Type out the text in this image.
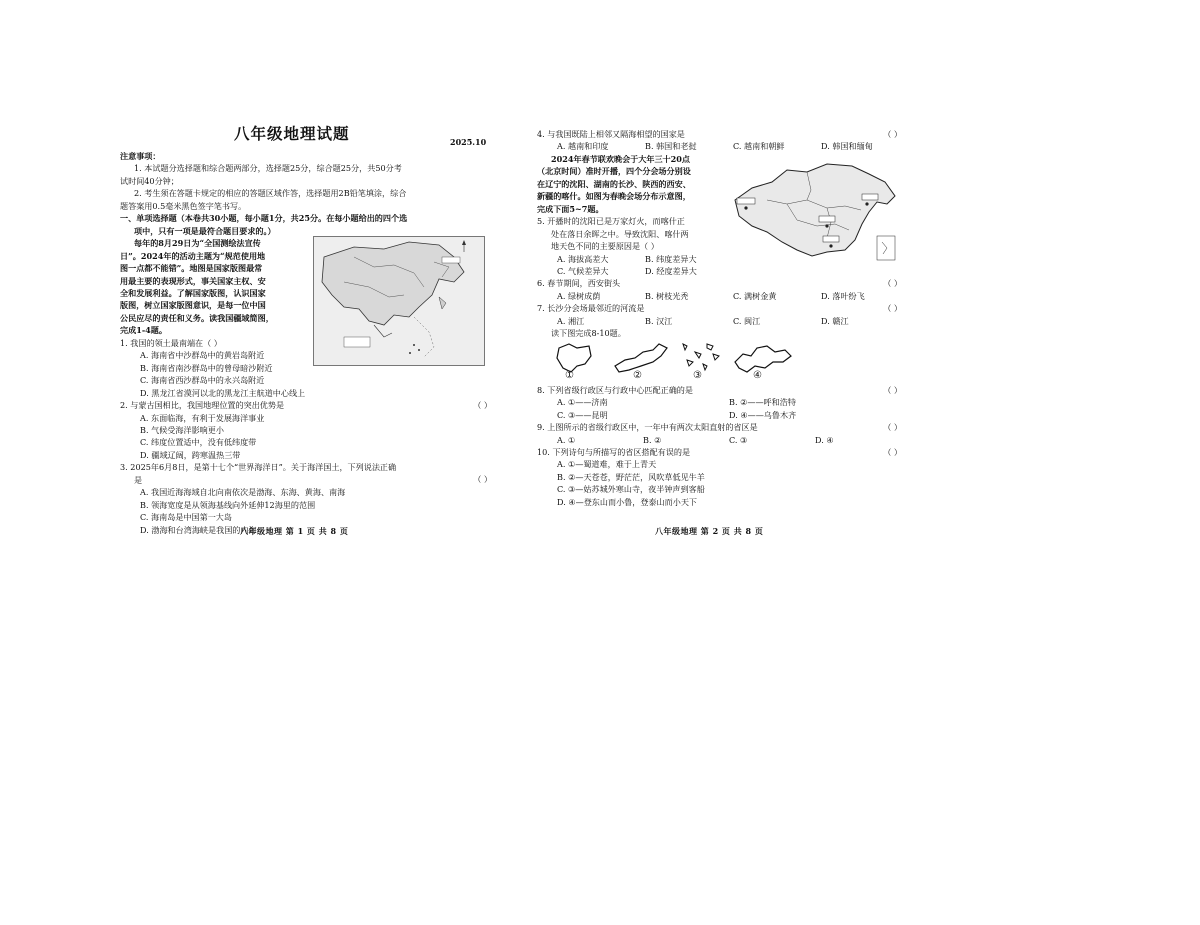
八年级地理试题	2025.10
注意事项：
1. 本试题分选择题和综合题两部分，选择题25分，综合题25分，共50分考
试时间40分钟；
2. 考生须在答题卡规定的相应的答题区域作答，选择题用2B铅笔填涂，综合
题答案用0.5毫米黑色签字笔书写。
一、单项选择题（本卷共30小题，每小题1分，共25分。在每小题给出的四个选
项中，只有一项是最符合题目要求的。）
每年的8月29日为“全国测绘法宣传
日”。2024年的活动主题为“规范使用地
图一点都不能错”。地图是国家版图最常
用最主要的表现形式，事关国家主权、安
全和发展利益。了解国家版图，认识国家
版图，树立国家版图意识，是每一位中国
公民应尽的责任和义务。读我国疆域简图，
完成1-4题。
1. 我国的领土最南端在（ ）
A. 海南省中沙群岛中的黄岩岛附近
B. 海南省南沙群岛中的曾母暗沙附近
C. 海南省西沙群岛中的永兴岛附近
D. 黑龙江省漠河以北的黑龙江主航道中心线上
2. 与蒙古国相比，我国地理位置的突出优势是	（ ）
A. 东面临海，有利于发展海洋事业
B. 气候受海洋影响更小
C. 纬度位置适中，没有低纬度带
D. 疆域辽阔，跨寒温热三带
3. 2025年6月8日，是第十七个“世界海洋日”。关于海洋国土，下列说法正确
是	（ ）
A. 我国近海海域自北向南依次是渤海、东海、黄海、南海
B. 领海宽度是从领海基线向外延伸12海里的范围
C. 海南岛是中国第一大岛
D. 渤海和台湾海峡是我国的内海
八年级地理 第 1 页 共 8 页
4. 与我国既陆上相邻又隔海相望的国家是	（ ）
A. 越南和印度	B. 韩国和老挝	C. 越南和朝鲜	D. 韩国和缅甸
2024年春节联欢晚会于大年三十20点
（北京时间）准时开播，四个分会场分别设
在辽宁的沈阳、湖南的长沙、陕西的西安、
新疆的喀什。如图为春晚会场分布示意图，
完成下面5~7题。
5. 开播时的沈阳已是万家灯火，而喀什正
处在落日余晖之中。导致沈阳、喀什两
地天色不同的主要原因是（ ）
A. 海拔高差大	B. 纬度差异大
C. 气候差异大	D. 经度差异大
6. 春节期间，西安街头	（ ）
A. 绿树成荫	B. 树枝光秃	C. 满树金黄	D. 落叶纷飞
7. 长沙分会场最邻近的河流是	（ ）
A. 湘江	B. 汉江	C. 闽江	D. 赣江
读下图完成8-10题。
①	②	③	④
8. 下列省级行政区与行政中心匹配正确的是	（ ）
A. ①——济南	B. ②——呼和浩特
C. ③——昆明	D. ④——乌鲁木齐
9. 上图所示的省级行政区中，一年中有两次太阳直射的省区是	（ ）
A. ①	B. ②	C. ③	D. ④
10. 下列诗句与所描写的省区搭配有误的是	（ ）
A. ①—蜀道难，难于上青天
B. ②—天苍苍，野茫茫，风吹草低见牛羊
C. ③—姑苏城外寒山寺，夜半钟声到客船
D. ④—登东山而小鲁，登泰山而小天下
八年级地理 第 2 页 共 8 页
